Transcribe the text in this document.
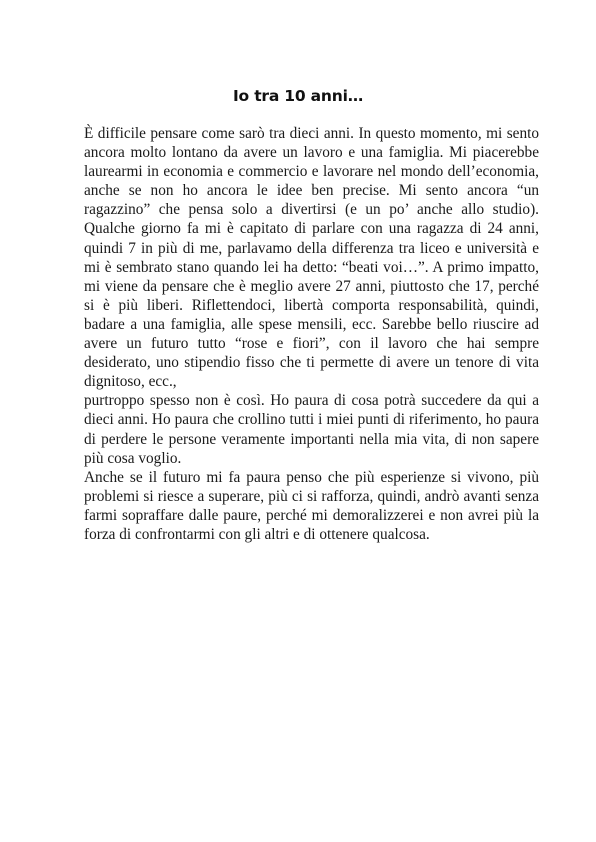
Io tra 10 anni…

È difficile pensare come sarò tra dieci anni. In questo momento, mi sento ancora molto lontano da avere un lavoro e una famiglia. Mi piacerebbe laurearmi in economia e commercio e lavorare nel mondo dell’economia, anche se non ho ancora le idee ben precise. Mi sento ancora “un ragazzino” che pensa solo a divertirsi (e un po’ anche allo studio). Qualche giorno fa mi è capitato di parlare con una ragazza di 24 anni, quindi 7 in più di me, parlavamo della differenza tra liceo e università e mi è sembrato stano quando lei ha detto: “beati voi…”. A primo impatto, mi viene da pensare che è meglio avere 27 anni, piuttosto che 17, perché si è più liberi. Riflettendoci, libertà comporta responsabilità, quindi, badare a una famiglia, alle spese mensili, ecc. Sarebbe bello riuscire ad avere un futuro tutto “rose e fiori”, con il lavoro che hai sempre desiderato, uno stipendio fisso che ti permette di avere un tenore di vita dignitoso, ecc.,

purtroppo spesso non è così. Ho paura di cosa potrà succedere da qui a dieci anni. Ho paura che crollino tutti i miei punti di riferimento, ho paura di perdere le persone veramente importanti nella mia vita, di non sapere più cosa voglio.

Anche se il futuro mi fa paura penso che più esperienze si vivono, più problemi si riesce a superare, più ci si rafforza, quindi, andrò avanti senza farmi sopraffare dalle paure, perché mi demoralizzerei e non avrei più la forza di confrontarmi con gli altri e di ottenere qualcosa.
